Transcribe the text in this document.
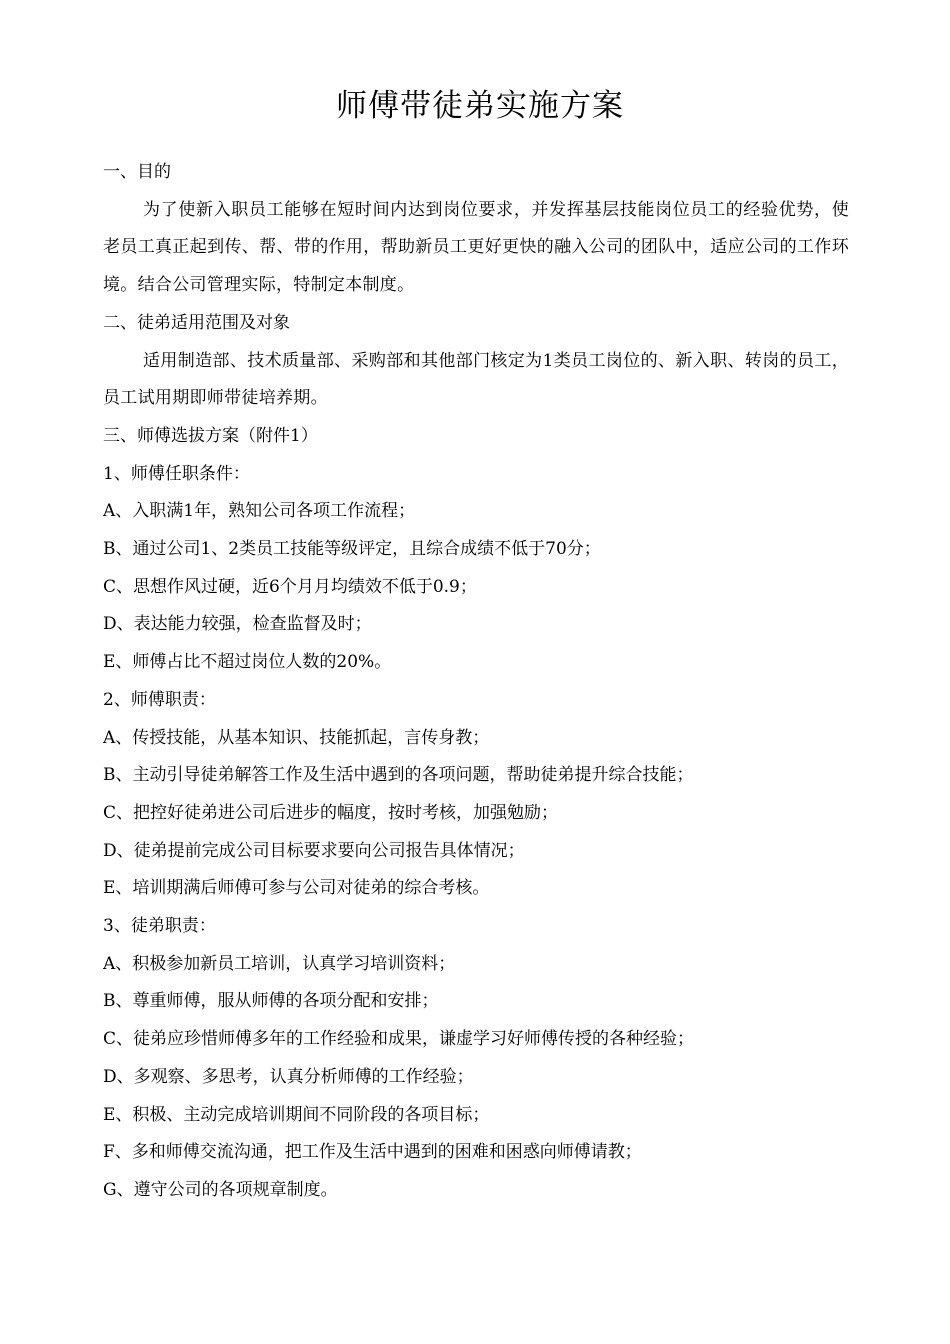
师傅带徒弟实施方案

一、目的

为了使新入职员工能够在短时间内达到岗位要求，并发挥基层技能岗位员工的经验优势，使老员工真正起到传、帮、带的作用，帮助新员工更好更快的融入公司的团队中，适应公司的工作环境。结合公司管理实际，特制定本制度。

二、徒弟适用范围及对象

适用制造部、技术质量部、采购部和其他部门核定为1类员工岗位的、新入职、转岗的员工，员工试用期即师带徒培养期。

三、师傅选拔方案（附件1）

1、师傅任职条件：

A、入职满1年，熟知公司各项工作流程；

B、通过公司1、2类员工技能等级评定，且综合成绩不低于70分；

C、思想作风过硬，近6个月月均绩效不低于0.9；

D、表达能力较强，检查监督及时；

E、师傅占比不超过岗位人数的20%。

2、师傅职责：

A、传授技能，从基本知识、技能抓起，言传身教；

B、主动引导徒弟解答工作及生活中遇到的各项问题，帮助徒弟提升综合技能；

C、把控好徒弟进公司后进步的幅度，按时考核，加强勉励；

D、徒弟提前完成公司目标要求要向公司报告具体情况；

E、培训期满后师傅可参与公司对徒弟的综合考核。

3、徒弟职责：

A、积极参加新员工培训，认真学习培训资料；

B、尊重师傅，服从师傅的各项分配和安排；

C、徒弟应珍惜师傅多年的工作经验和成果，谦虚学习好师傅传授的各种经验；

D、多观察、多思考，认真分析师傅的工作经验；

E、积极、主动完成培训期间不同阶段的各项目标；

F、多和师傅交流沟通，把工作及生活中遇到的困难和困惑向师傅请教；

G、遵守公司的各项规章制度。
